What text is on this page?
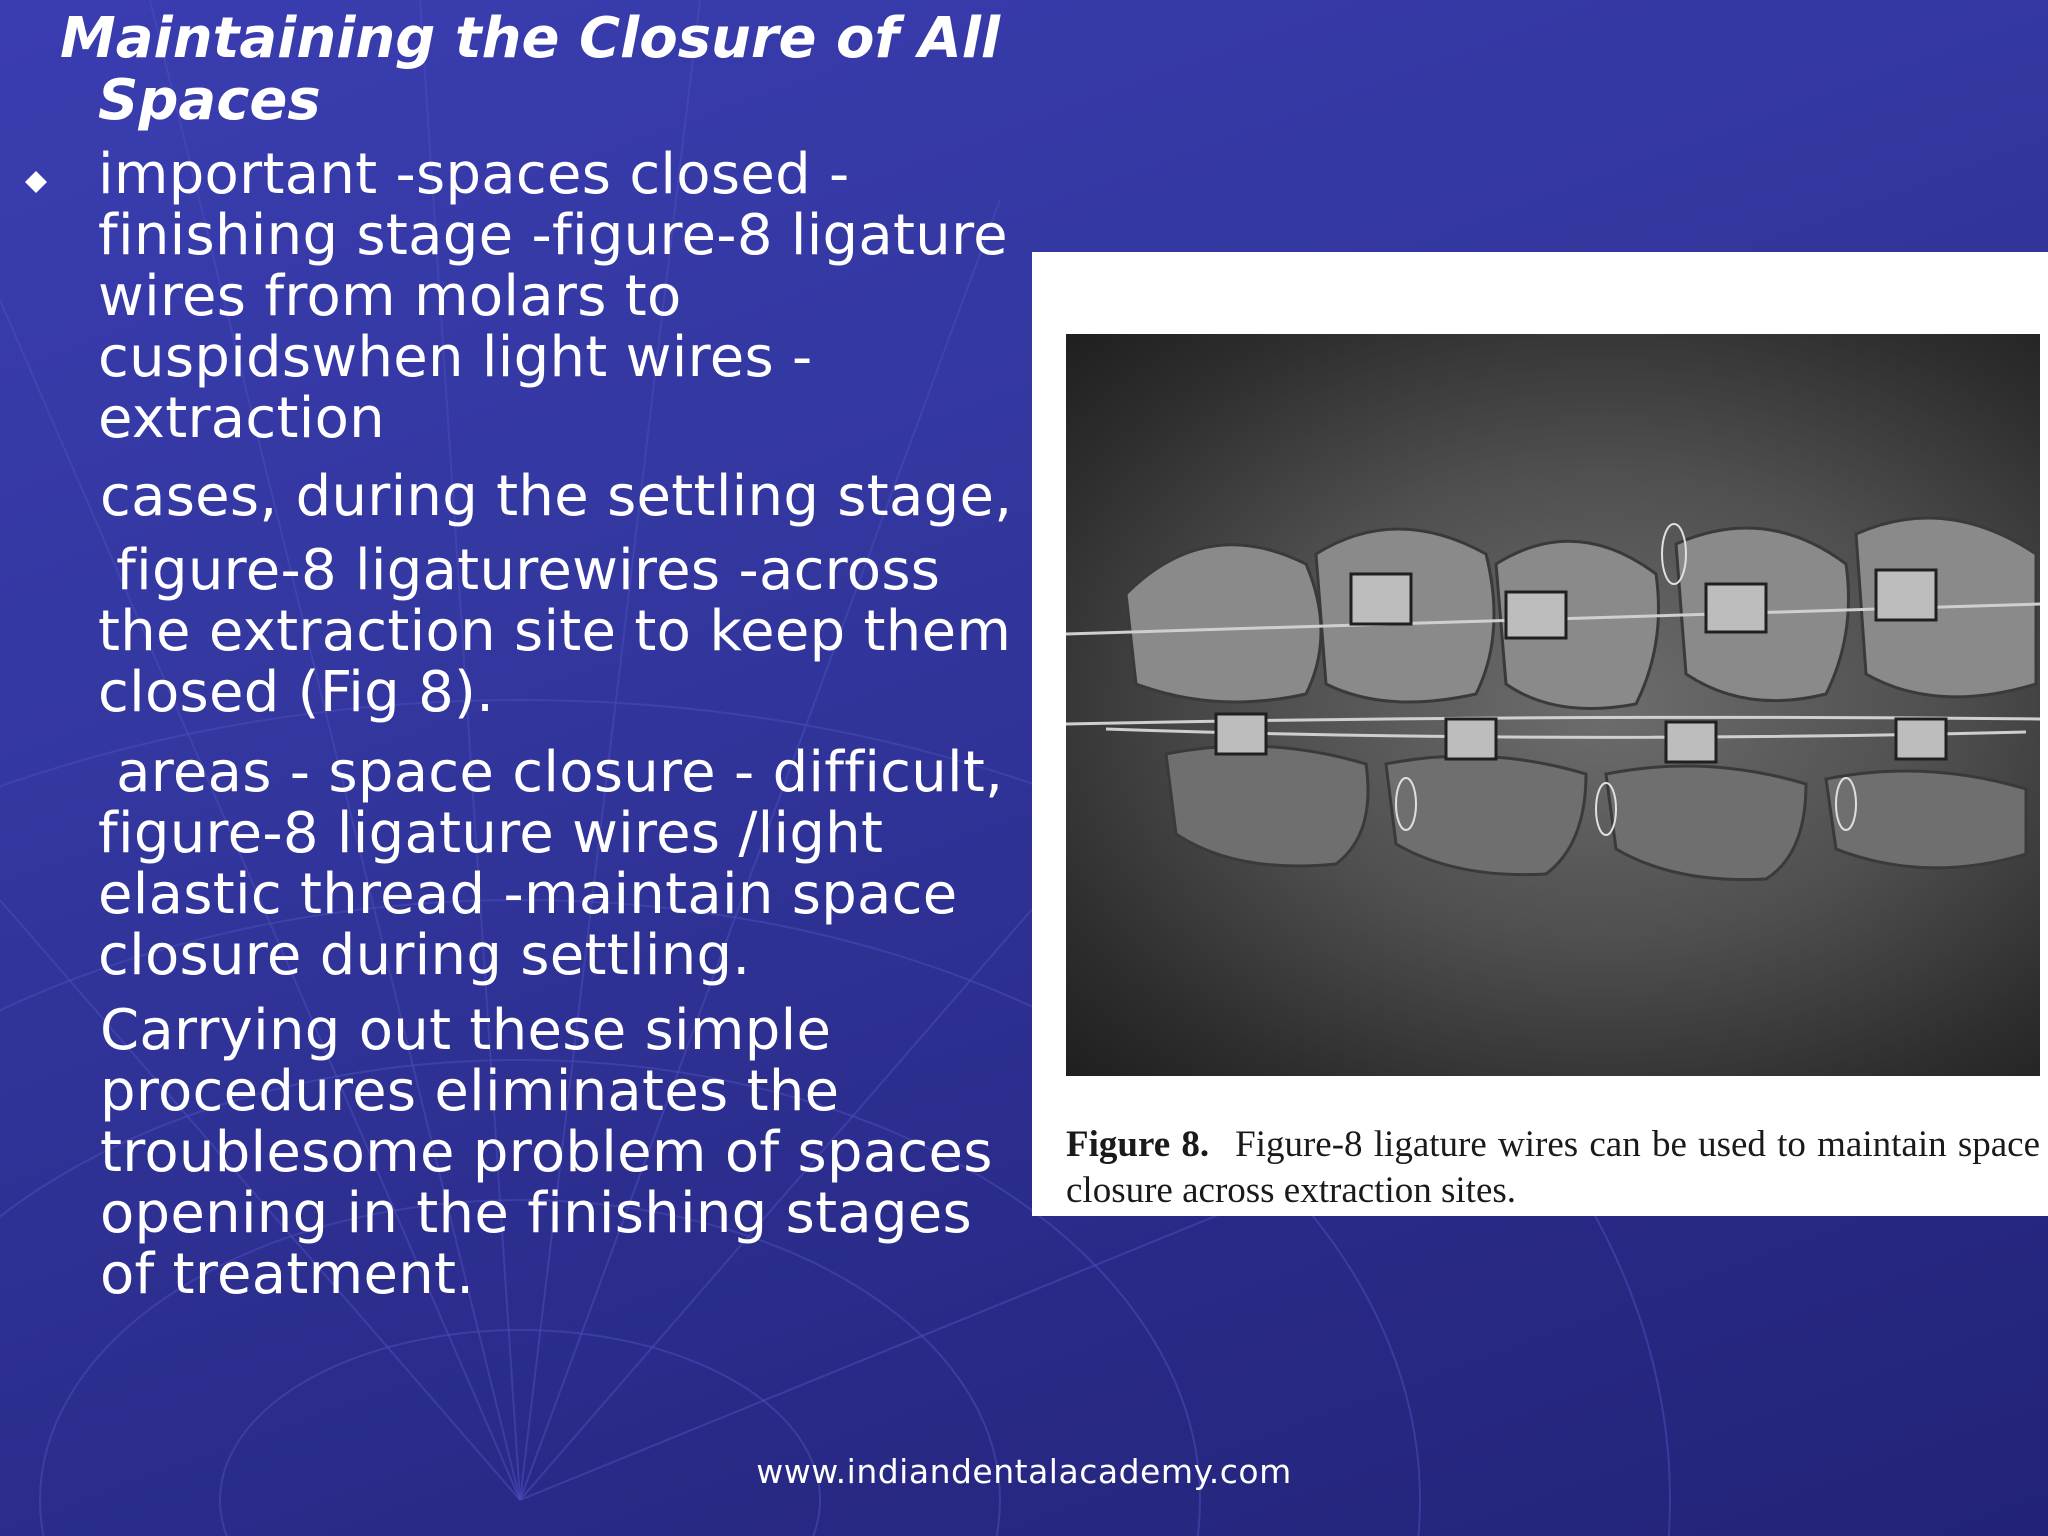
Maintaining the Closure of All
Spaces

important -spaces closed - finishing stage -figure-8 ligature wires from molars to cuspidswhen light wires - extraction

cases, during the settling stage,

figure-8 ligaturewires -across the extraction site to keep them closed (Fig 8).

areas - space closure - difficult, figure-8 ligature wires /light elastic thread -maintain space closure during settling.

Carrying out these simple procedures eliminates the troublesome problem of spaces opening in the finishing stages of treatment.

Figure 8. Figure-8 ligature wires can be used to maintain space closure across extraction sites.

www.indiandentalacademy.com
